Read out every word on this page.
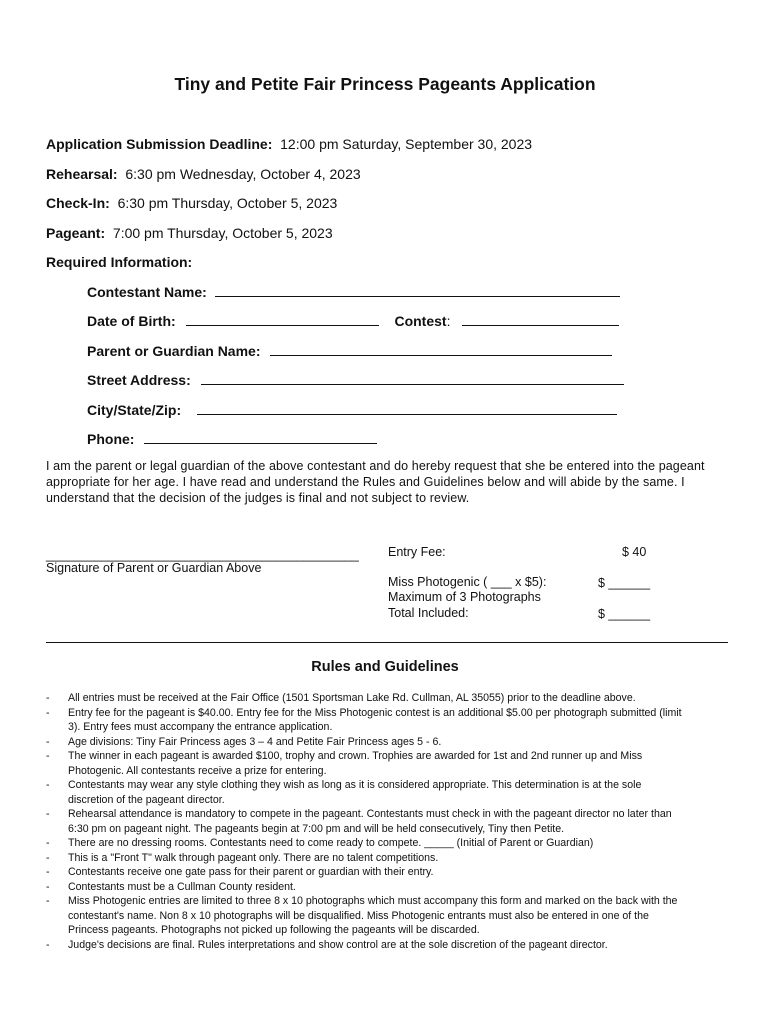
Tiny and Petite Fair Princess Pageants Application
Application Submission Deadline: 12:00 pm Saturday, September 30, 2023
Rehearsal: 6:30 pm Wednesday, October 4, 2023
Check-In: 6:30 pm Thursday, October 5, 2023
Pageant: 7:00 pm Thursday, October 5, 2023
Required Information:
Contestant Name:
Date of Birth:	Contest:
Parent or Guardian Name:
Street Address:
City/State/Zip:
Phone:
I am the parent or legal guardian of the above contestant and do hereby request that she be entered into the pageant appropriate for her age. I have read and understand the Rules and Guidelines below and will abide by the same. I understand that the decision of the judges is final and not subject to review.
_____________________________________________
Signature of Parent or Guardian Above
Entry Fee:
Miss Photogenic ( ___ x $5):
Maximum of 3 Photographs
Total Included:
$ 40
$ ______
$ ______
Rules and Guidelines
- All entries must be received at the Fair Office (1501 Sportsman Lake Rd. Cullman, AL 35055) prior to the deadline above.
- Entry fee for the pageant is $40.00. Entry fee for the Miss Photogenic contest is an additional $5.00 per photograph submitted (limit 3). Entry fees must accompany the entrance application.
- Age divisions: Tiny Fair Princess ages 3 – 4 and Petite Fair Princess ages 5 - 6.
- The winner in each pageant is awarded $100, trophy and crown. Trophies are awarded for 1st and 2nd runner up and Miss Photogenic. All contestants receive a prize for entering.
- Contestants may wear any style clothing they wish as long as it is considered appropriate. This determination is at the sole discretion of the pageant director.
- Rehearsal attendance is mandatory to compete in the pageant. Contestants must check in with the pageant director no later than 6:30 pm on pageant night. The pageants begin at 7:00 pm and will be held consecutively, Tiny then Petite.
- There are no dressing rooms. Contestants need to come ready to compete. _____ (Initial of Parent or Guardian)
- This is a "Front T" walk through pageant only. There are no talent competitions.
- Contestants receive one gate pass for their parent or guardian with their entry.
- Contestants must be a Cullman County resident.
- Miss Photogenic entries are limited to three 8 x 10 photographs which must accompany this form and marked on the back with the contestant's name. Non 8 x 10 photographs will be disqualified. Miss Photogenic entrants must also be entered in one of the Princess pageants. Photographs not picked up following the pageants will be discarded.
- Judge's decisions are final. Rules interpretations and show control are at the sole discretion of the pageant director.
